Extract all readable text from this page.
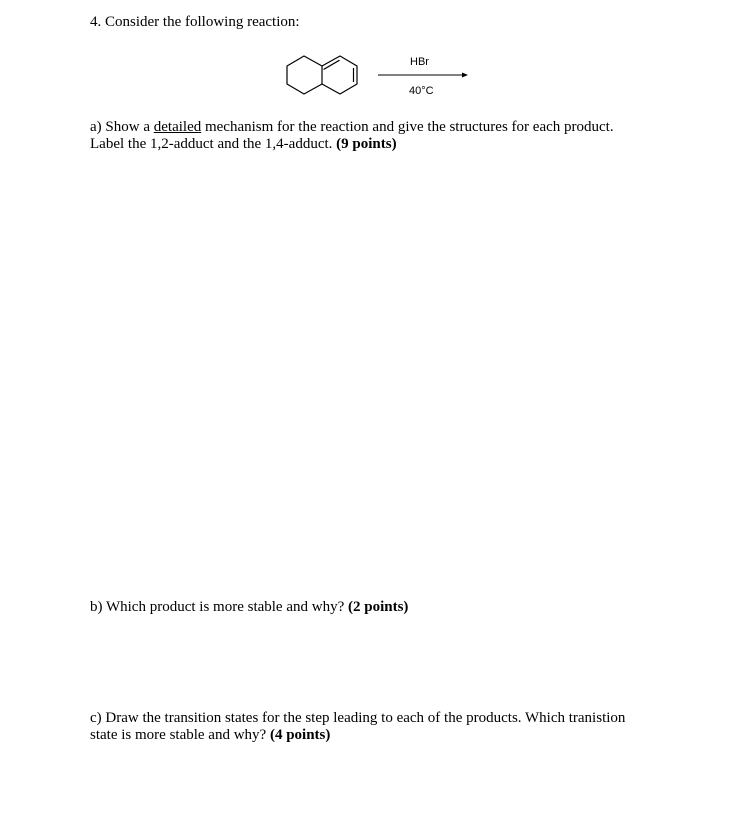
4. Consider the following reaction:
HBr
40°C
a) Show a detailed mechanism for the reaction and give the structures for each product.
Label the 1,2-adduct and the 1,4-adduct. (9 points)
b) Which product is more stable and why? (2 points)
c) Draw the transition states for the step leading to each of the products. Which tranistion
state is more stable and why? (4 points)
